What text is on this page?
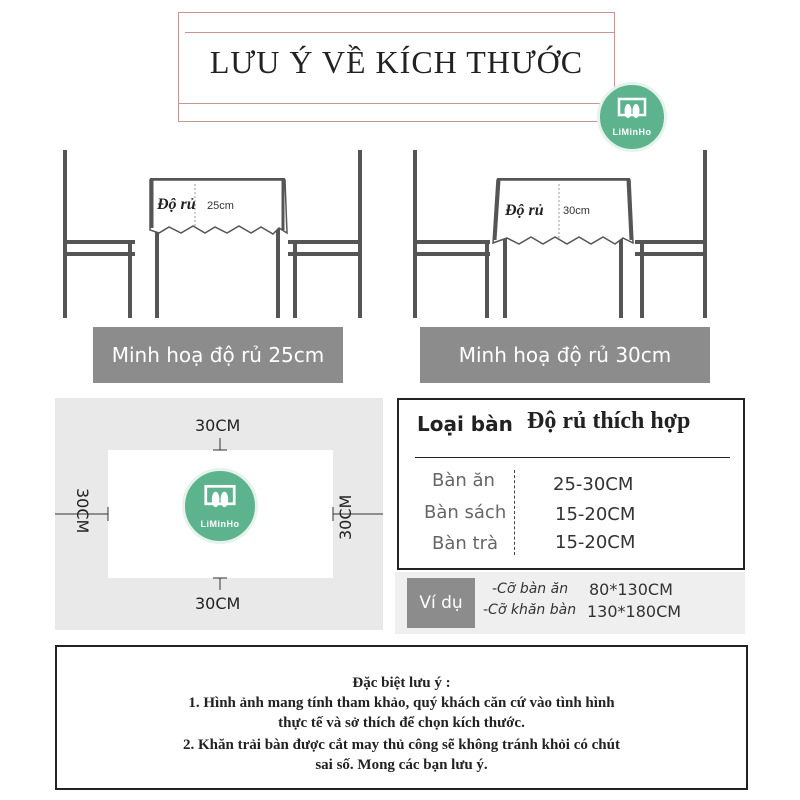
LƯU Ý VỀ KÍCH THƯỚC
LiMinHo
Độ rủ 25cm	Độ rủ 30cm
Minh hoạ độ rủ 25cm	Minh hoạ độ rủ 30cm
30CM
30CM
30CM	30CM
LiMinHo
Loại bàn Độ rủ thích hợp
Bàn ăn	25-30CM
Bàn sách	15-20CM
Bàn trà	15-20CM
Ví dụ
-Cỡ bàn ăn 80*130CM
-Cỡ khăn bàn 130*180CM
Đặc biệt lưu ý :
1. Hình ảnh mang tính tham khảo, quý khách căn cứ vào tình hình
thực tế và sở thích để chọn kích thước.
2. Khăn trải bàn được cắt may thủ công sẽ không tránh khỏi có chút
sai số. Mong các bạn lưu ý.
